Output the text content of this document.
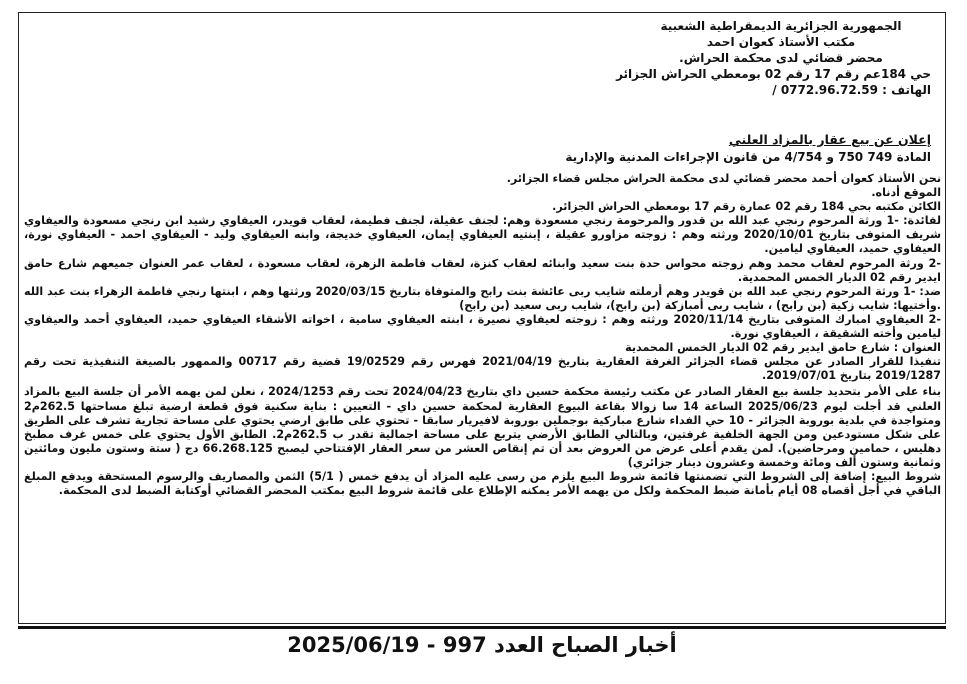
الجمهورية الجزائرية الديمقراطية الشعبية
مكتب الأستاذ كعوان احمد
محضر قضائي لدى محكمة الحراش.
حي 184عم رقم 17 رقم 02 بومعطي الحراش الجزائر
الهاتف : 0772.96.72.59 /
إعلان عن بيع عقار بالمزاد العلني
المادة 749 750 و 4/754 من قانون الإجراءات المدنية والإدارية

نحن الأستاذ كعوان أحمد محضر قضائي لدى محكمة الحراش مجلس قضاء الجزائر.

الموقع أدناه.

الكائن مكتبه بحي 184 رقم 02 عمارة رقم 17 بومعطي الحراش الجزائر.

لفائدة: -1 ورثة المرحوم رنجي عبد الله بن قدور والمرحومة رنجي مسعودة وهم: لجنف عقيلة، لجنف فطيمة، لعقاب قويدر، العيفاوي رشيد ابن رنجي مسعودة والعيفاوي شريف المتوفى بتاريخ 2020/10/01 ورثته وهم : زوجته مزاورو عقيلة ، إبنتيه العيفاوي إيمان، العيفاوي خديجة، وابنه العيفاوي وليد - العيفاوي احمد - العيفاوي نورة، العيفاوي حميد، العيفاوي ليامين.

-2 ورثة المرحوم لعقاب محمد وهم زوجته محواس حدة بنت سعيد وابنائه لعقاب كنزة، لعقاب فاطمة الزهرة، لعقاب مسعودة ، لعقاب عمر العنوان جميعهم شارع حامق ايدير رقم 02 الديار الخمس المحمدية.

ضد: -1 ورثة المرحوم رنجي عبد الله بن قويدر وهم أرملته شايب ربى عائشة بنت رابح والمتوفاة بتاريخ 2020/03/15 ورثتها وهم ، ابنتها رنجي فاطمة الزهراء بنت عبد الله .وأختيها: شايب زكية (بن رابح) ، شايب ربى أمبازكة (بن رابح)، شايب ربى سعيد (بن رابح)

-2 العيفاوي امبارك المتوفى بتاريخ 2020/11/14 ورثته وهم : زوجته لعيفاوي نصيرة ، ابنته العيفاوي سامية ، اخواته الأشقاء العيفاوي حميد، العيفاوي أحمد والعيفاوي ليامين وأخته الشقيقة ، العيفاوي نورة.

العنوان : شارع حامق ايدير رقم 02 الديار الخمس المحمدية

تنفيذا للقرار الصادر عن مجلس قضاء الجزائر الغرفة العقارية بتاريخ 2021/04/19 فهرس رقم 19/02529 قضية رقم 00717 والممهور بالصيغة التنفيذية تحت رقم 2019/1287 بتاريخ 2019/07/01.

بناء على الأمر بتحديد جلسة بيع العقار الصادر عن مكتب رئيسة محكمة حسين داي بتاريخ 2024/04/23 تحت رقم 2024/1253 ، نعلن لمن يهمه الأمر أن جلسة البيع بالمزاد العلني قد أجلت ليوم 2025/06/23 الساعة 14 سا زوالا بقاعة البيوع العقارية لمحكمة حسين داي - التعيين : بناية سكنية فوق قطعة ارضية تبلغ مساحتها 262.5م2 ومتواجدة في بلدية بوروبة الجزائر - 10 حي الفداء شارع مباركية بوجملين بوروبة لافيريار سابقا - تحتوي على طابق ارضي يحتوي على مساحة تجارية تشرف على الطريق على شكل مستودعين ومن الجهة الخلفية غرفتين، وبالتالي الطابق الأرضي يتربع على مساحة اجمالية تقدر ب 262.5م2. الطابق الأول يحتوي على خمس غرف مطبخ دهليس ، حمامين ومرحاضين). لمن يقدم أعلى عرض من العروض بعد أن تم إنقاص العشر من سعر العقار الإفتتاحي ليصبح 66.268.125 دج ( ستة وستون مليون ومائتين وثمانية وستون ألف ومائة وخمسة وعشرون دينار جزائري)

شروط البيع: إضافة إلى الشروط التي تضمنتها قائمة شروط البيع يلزم من رسى عليه المزاد أن يدفع خمس ( 5/1) الثمن والمصاريف والرسوم المستحقة ويدفع المبلغ الباقي في أجل أقصاه 08 أيام بأمانة ضبط المحكمة ولكل من يهمه الأمر يمكنه الإطلاع على قائمة شروط البيع بمكتب المحضر القضائي أوكتابة الضبط لدى المحكمة.

أخبار الصباح العدد 997 - 2025/06/19
